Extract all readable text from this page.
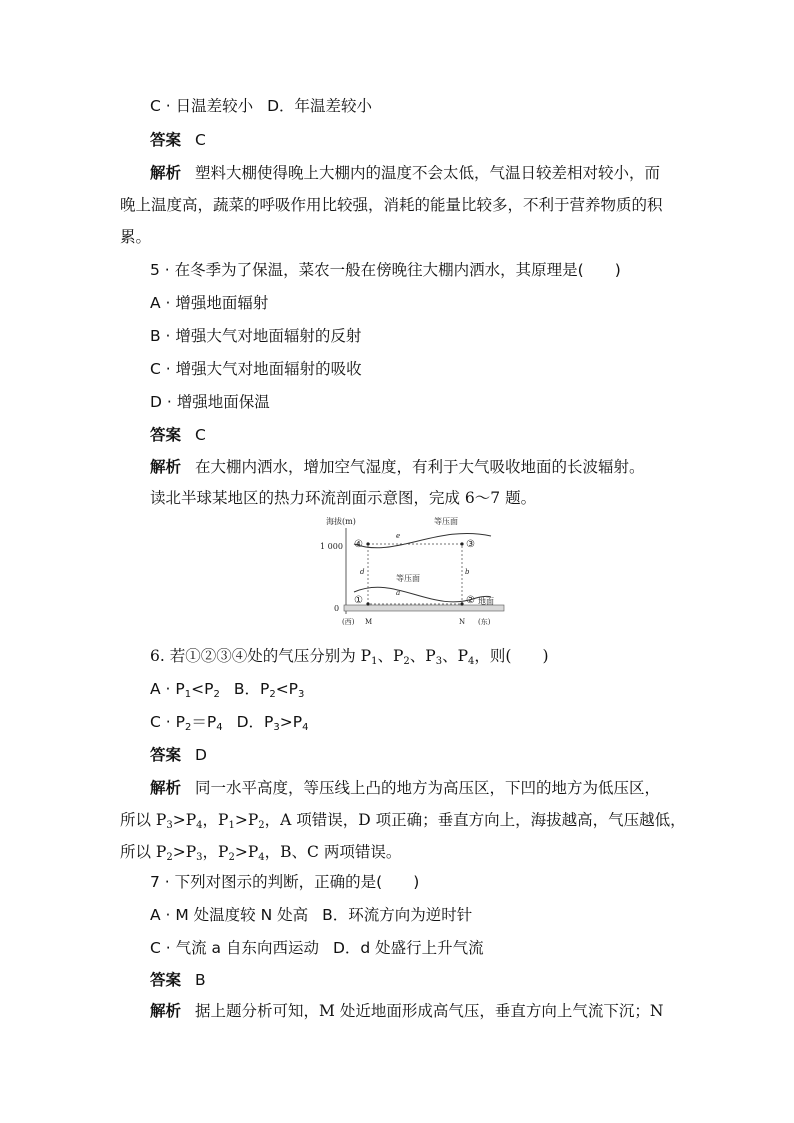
C · 日温差较小 D．年温差较小
答案 C
解析 塑料大棚使得晚上大棚内的温度不会太低，气温日较差相对较小，而
晚上温度高，蔬菜的呼吸作用比较强，消耗的能量比较多，不利于营养物质的积
累。
5 · 在冬季为了保温，菜农一般在傍晚往大棚内洒水，其原理是(　　)
A · 增强地面辐射
B · 增强大气对地面辐射的反射
C · 增强大气对地面辐射的吸收
D · 增强地面保温
答案 C
解析 在大棚内洒水，增加空气湿度，有利于大气吸收地面的长波辐射。
读北半球某地区的热力环流剖面示意图，完成 6～7 题。
海拔(m)
1 000
0
等压面
e
等压面
a
d	b
④	③
①	② 地面
(西) M	N (东)
6. 若①②③④处的气压分别为 $P_1$、$P_2$、$P_3$、$P_4$，则(　　)
$A \cdot P_1<P_2$ B．$P_2<P_3$
$C \cdot P_2=P_4$ D．$P_3>P_4$
答案 D
解析 同一水平高度，等压线上凸的地方为高压区，下凹的地方为低压区，
所以 $P_3>P_4$，$P_1>P_2$，A 项错误，D 项正确；垂直方向上，海拔越高，气压越低，
所以 $P_2>P_3$，$P_2>P_4$，B、C 两项错误。
7 · 下列对图示的判断，正确的是(　　)
A · M 处温度较 N 处高 B．环流方向为逆时针
C · 气流 a 自东向西运动 D．d 处盛行上升气流
答案 B
解析 据上题分析可知，M 处近地面形成高气压，垂直方向上气流下沉；N
